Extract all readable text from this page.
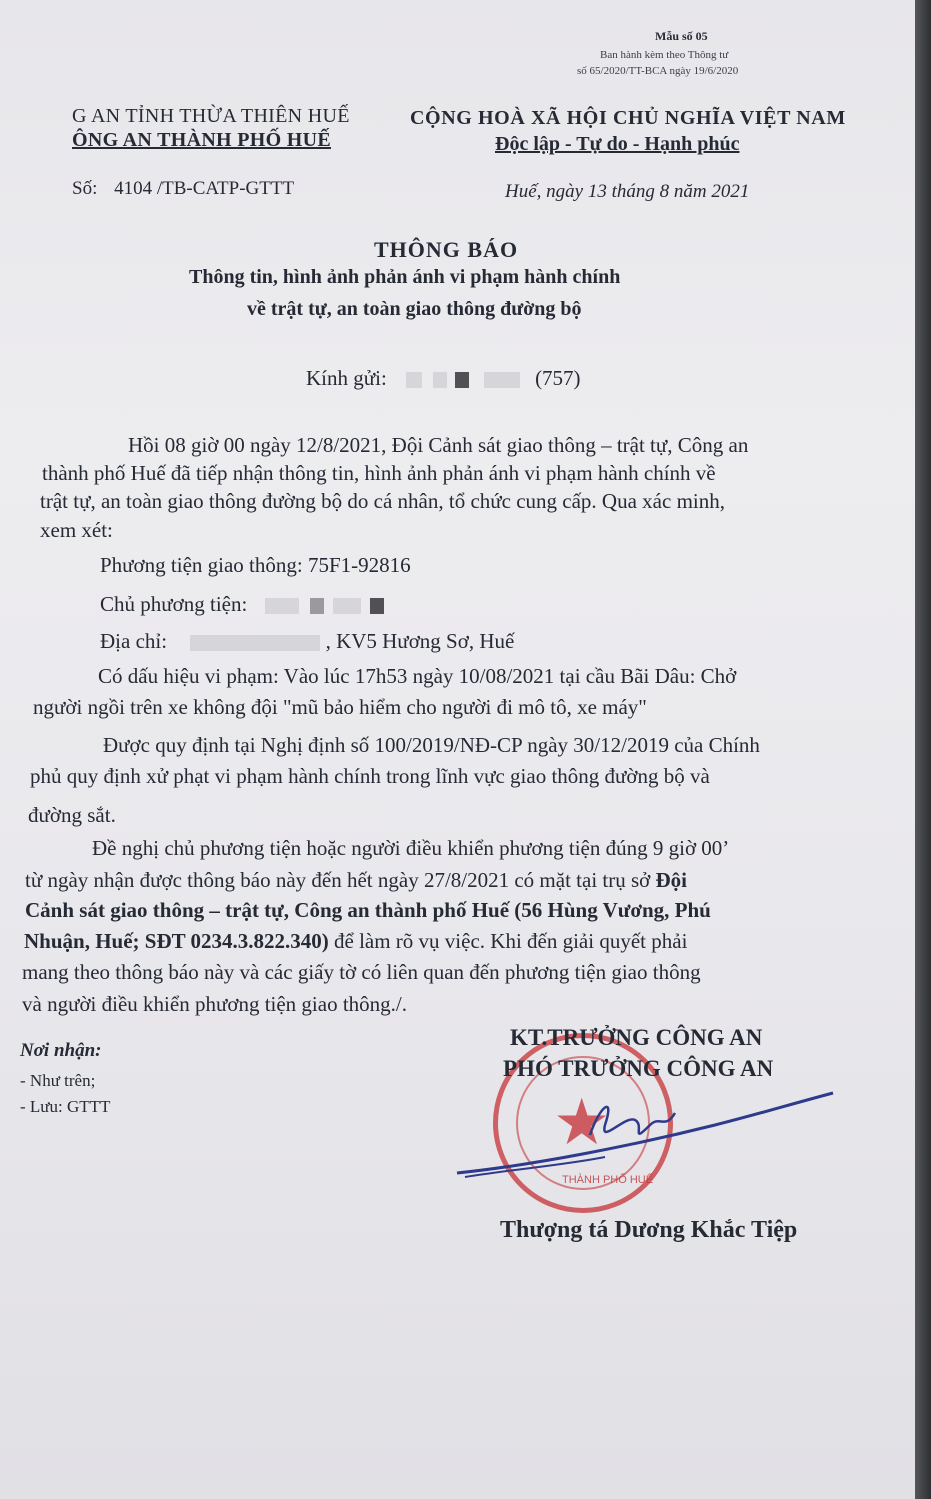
Mẫu số 05
Ban hành kèm theo Thông tư
số 65/2020/TT-BCA ngày 19/6/2020
G AN TỈNH THỪA THIÊN HUẾ
ÔNG AN THÀNH PHỐ HUẾ
Số: 4104 /TB-CATP-GTTT
CỘNG HOÀ XÃ HỘI CHỦ NGHĨA VIỆT NAM
Độc lập - Tự do - Hạnh phúc
Huế, ngày 13 tháng 8 năm 2021
THÔNG BÁO
Thông tin, hình ảnh phản ánh vi phạm hành chính
về trật tự, an toàn giao thông đường bộ
Kính gửi:	(757)
Hồi 08 giờ 00 ngày 12/8/2021, Đội Cảnh sát giao thông – trật tự, Công an
thành phố Huế đã tiếp nhận thông tin, hình ảnh phản ánh vi phạm hành chính về
trật tự, an toàn giao thông đường bộ do cá nhân, tổ chức cung cấp. Qua xác minh,
xem xét:
Phương tiện giao thông: 75F1-92816
Chủ phương tiện:
Địa chỉ:	, KV5 Hương Sơ, Huế
Có dấu hiệu vi phạm: Vào lúc 17h53 ngày 10/08/2021 tại cầu Bãi Dâu: Chở
người ngồi trên xe không đội "mũ bảo hiểm cho người đi mô tô, xe máy"
Được quy định tại Nghị định số 100/2019/NĐ-CP ngày 30/12/2019 của Chính
phủ quy định xử phạt vi phạm hành chính trong lĩnh vực giao thông đường bộ và
đường sắt.
Đề nghị chủ phương tiện hoặc người điều khiển phương tiện đúng 9 giờ 00’
từ ngày nhận được thông báo này đến hết ngày 27/8/2021 có mặt tại trụ sở Đội
Cảnh sát giao thông – trật tự, Công an thành phố Huế (56 Hùng Vương, Phú
Nhuận, Huế; SĐT 0234.3.822.340) để làm rõ vụ việc. Khi đến giải quyết phải
mang theo thông báo này và các giấy tờ có liên quan đến phương tiện giao thông
và người điều khiển phương tiện giao thông./.
Nơi nhận:
- Như trên;
- Lưu: GTTT	★
THÀNH PHỐ HUẾ
KT.TRƯỞNG CÔNG AN
PHÓ TRƯỞNG CÔNG AN
Thượng tá Dương Khắc Tiệp
